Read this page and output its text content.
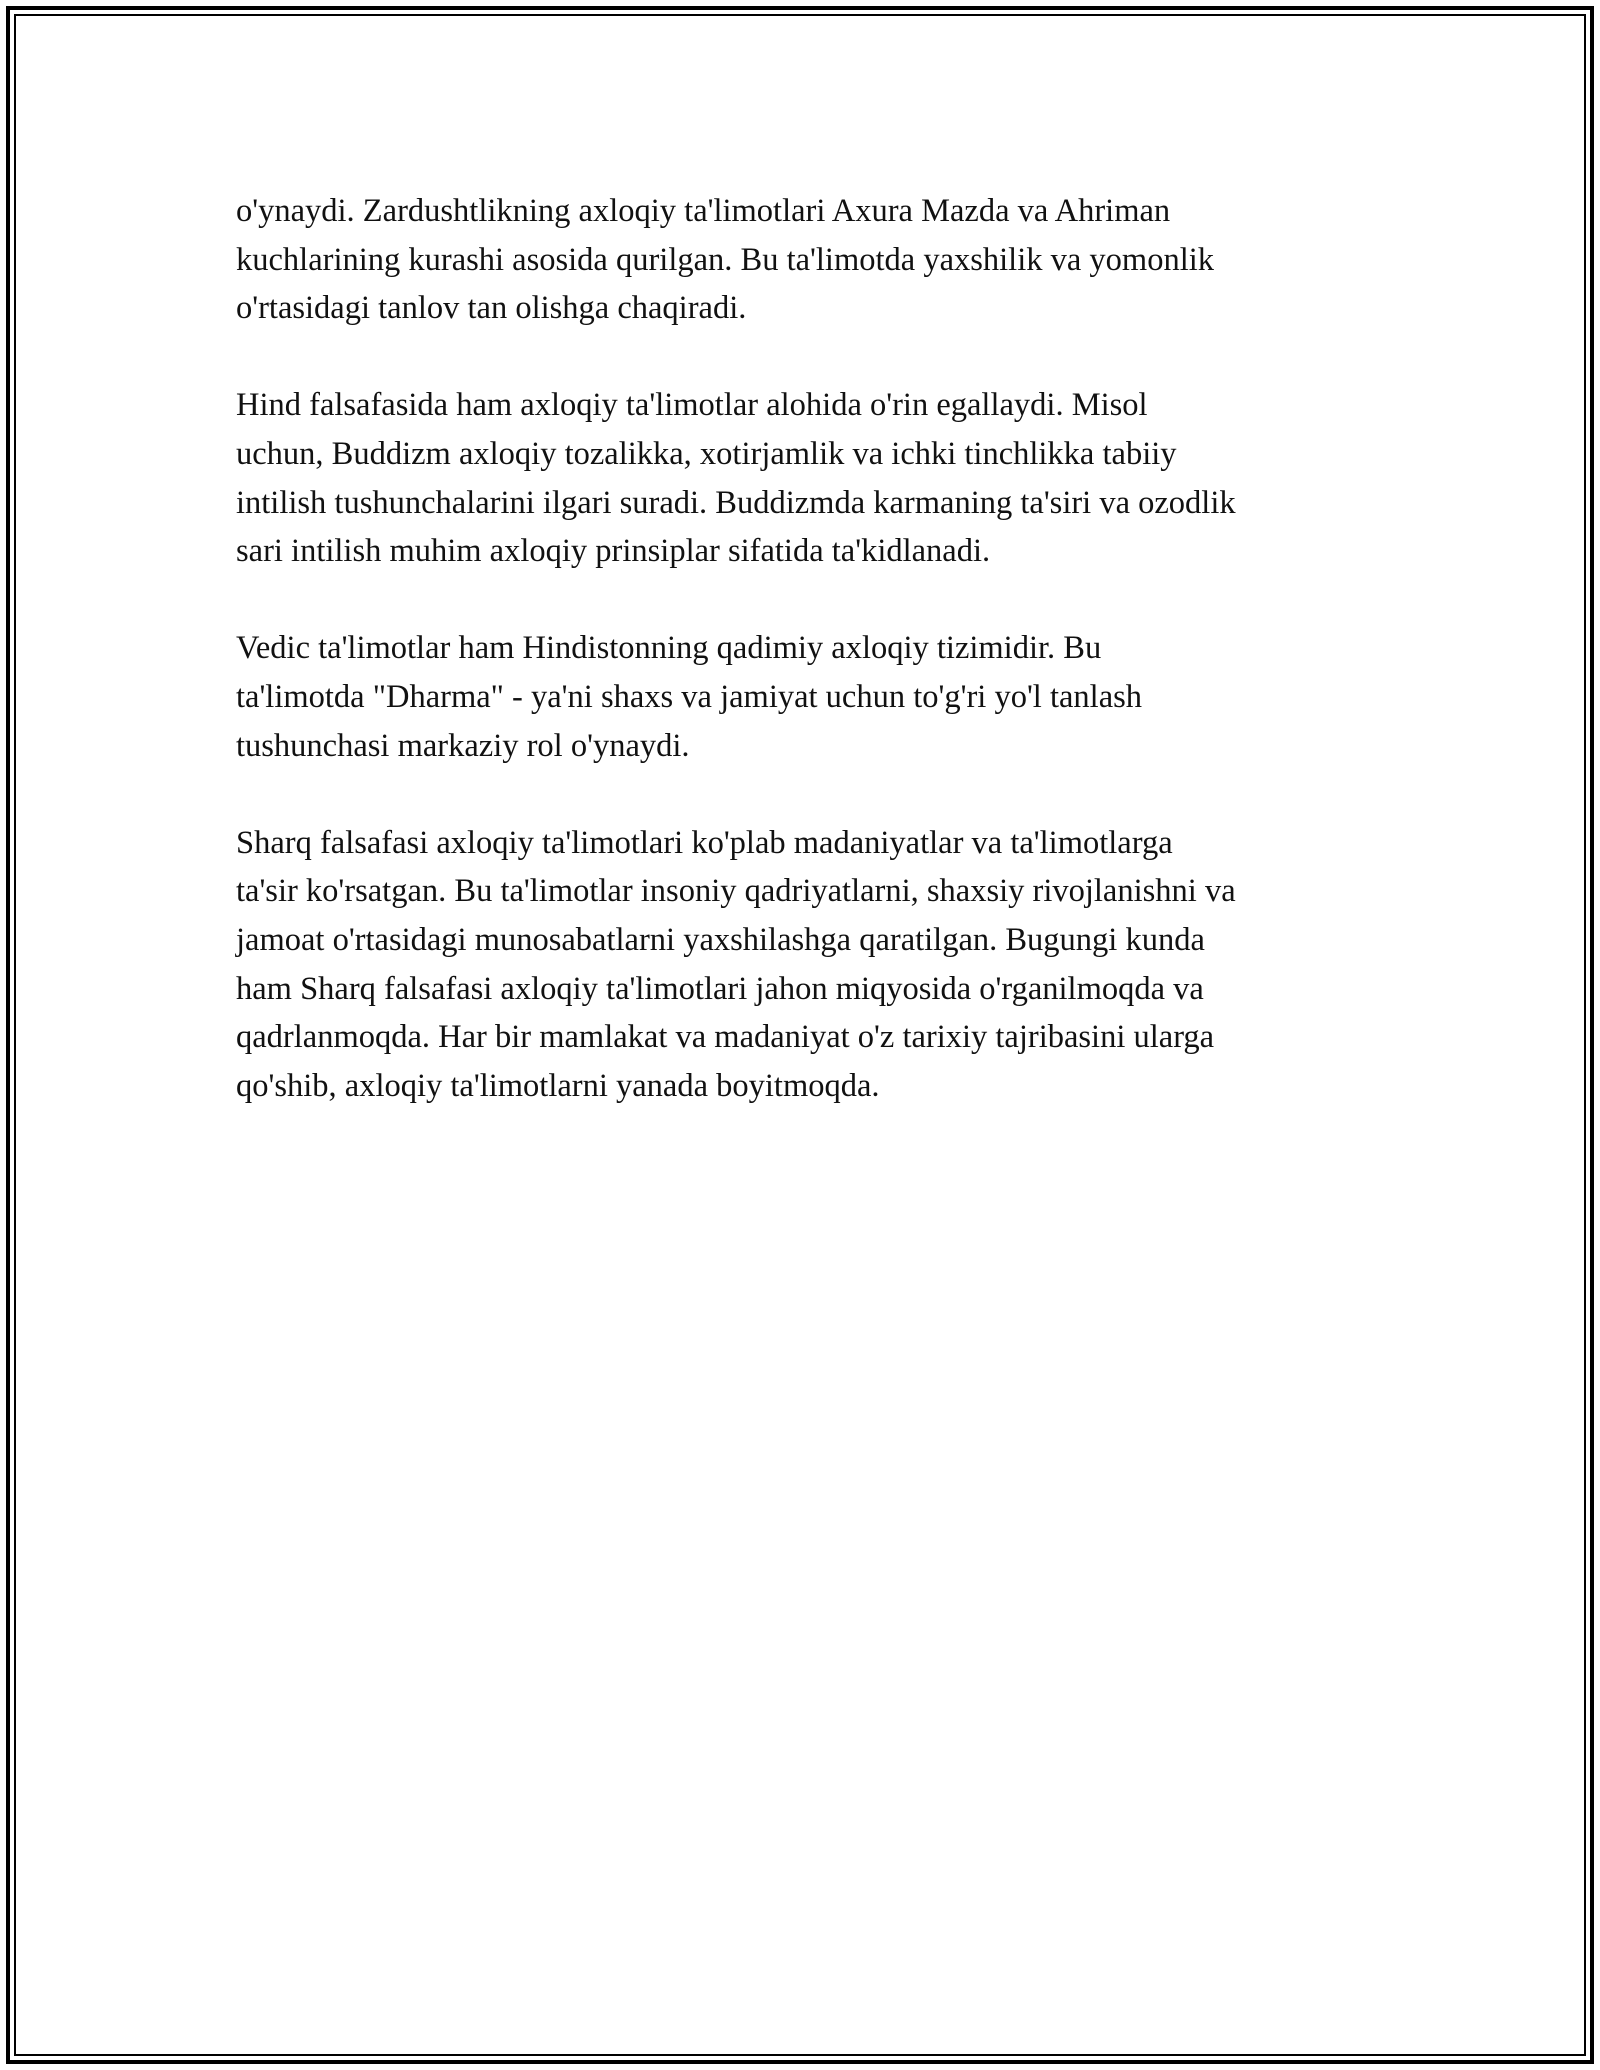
o'ynaydi. Zardushtlikning axloqiy ta'limotlari Axura Mazda va Ahriman
kuchlarining kurashi asosida qurilgan. Bu ta'limotda yaxshilik va yomonlik
o'rtasidagi tanlov tan olishga chaqiradi.

Hind falsafasida ham axloqiy ta'limotlar alohida o'rin egallaydi. Misol
uchun, Buddizm axloqiy tozalikka, xotirjamlik va ichki tinchlikka tabiiy
intilish tushunchalarini ilgari suradi. Buddizmda karmaning ta'siri va ozodlik
sari intilish muhim axloqiy prinsiplar sifatida ta'kidlanadi.

Vedic ta'limotlar ham Hindistonning qadimiy axloqiy tizimidir. Bu
ta'limotda "Dharma" - ya'ni shaxs va jamiyat uchun to'g'ri yo'l tanlash
tushunchasi markaziy rol o'ynaydi.

Sharq falsafasi axloqiy ta'limotlari ko'plab madaniyatlar va ta'limotlarga
ta'sir ko'rsatgan. Bu ta'limotlar insoniy qadriyatlarni, shaxsiy rivojlanishni va
jamoat o'rtasidagi munosabatlarni yaxshilashga qaratilgan. Bugungi kunda
ham Sharq falsafasi axloqiy ta'limotlari jahon miqyosida o'rganilmoqda va
qadrlanmoqda. Har bir mamlakat va madaniyat o'z tarixiy tajribasini ularga
qo'shib, axloqiy ta'limotlarni yanada boyitmoqda.
